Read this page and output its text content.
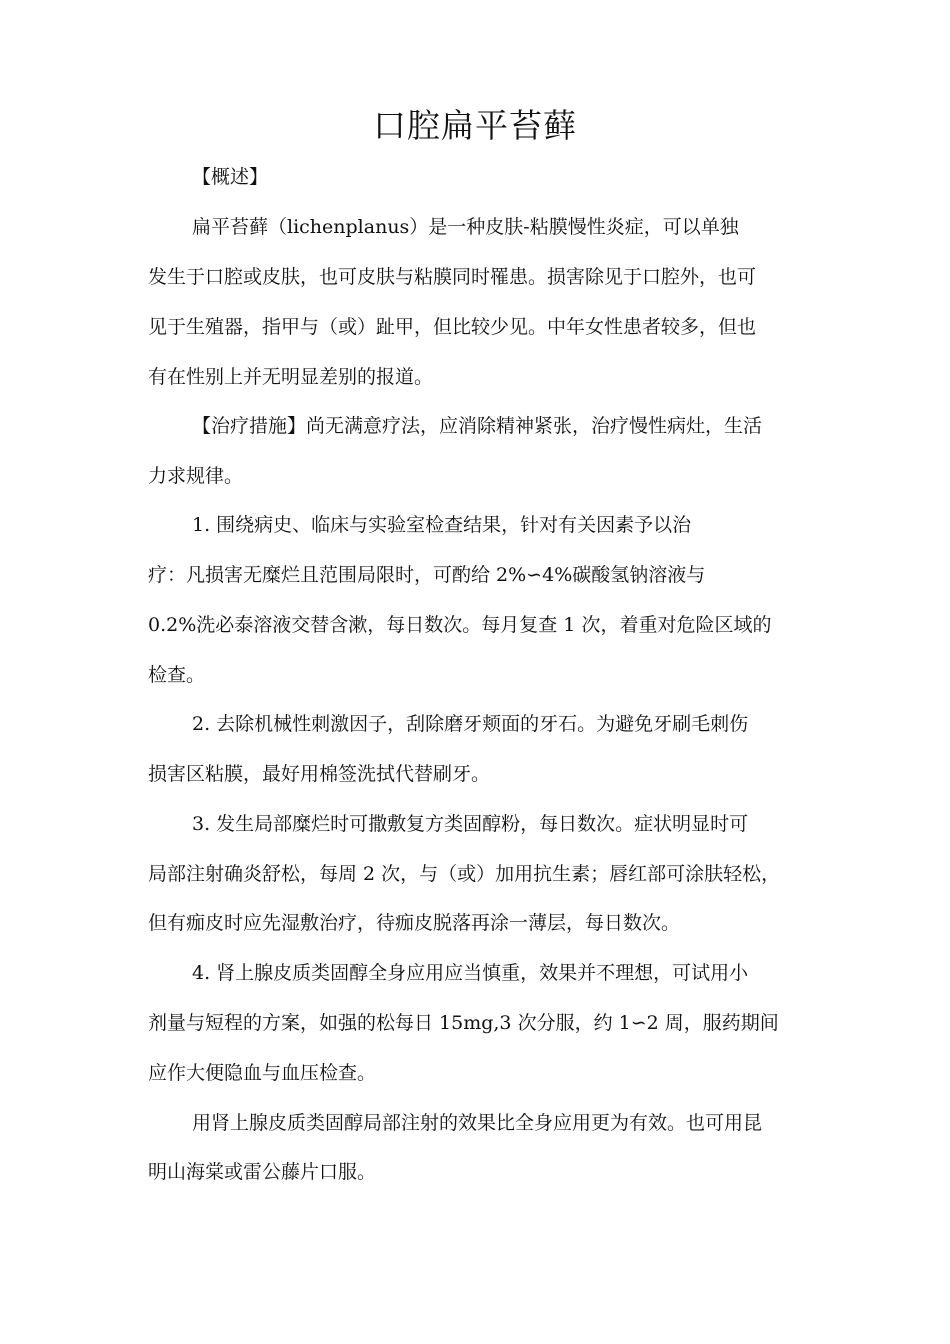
口腔扁平苔藓

【概述】

扁平苔藓（lichenplanus）是一种皮肤-粘膜慢性炎症，可以单独

发生于口腔或皮肤，也可皮肤与粘膜同时罹患。损害除见于口腔外，也可

见于生殖器，指甲与（或）趾甲，但比较少见。中年女性患者较多，但也

有在性别上并无明显差别的报道。

【治疗措施】尚无满意疗法，应消除精神紧张，治疗慢性病灶，生活

力求规律。

1. 围绕病史、临床与实验室检查结果，针对有关因素予以治

疗：凡损害无糜烂且范围局限时，可酌给 2%∽4%碳酸氢钠溶液与

0.2%洗必泰溶液交替含漱，每日数次。每月复查 1 次，着重对危险区域的

检查。

2. 去除机械性刺激因子，刮除磨牙颊面的牙石。为避免牙刷毛刺伤

损害区粘膜，最好用棉签洗拭代替刷牙。

3. 发生局部糜烂时可撒敷复方类固醇粉，每日数次。症状明显时可

局部注射确炎舒松，每周 2 次，与（或）加用抗生素；唇红部可涂肤轻松，

但有痂皮时应先湿敷治疗，待痂皮脱落再涂一薄层，每日数次。

4. 肾上腺皮质类固醇全身应用应当慎重，效果并不理想，可试用小

剂量与短程的方案，如强的松每日 15mg,3 次分服，约 1∽2 周，服药期间

应作大便隐血与血压检查。

用肾上腺皮质类固醇局部注射的效果比全身应用更为有效。也可用昆

明山海棠或雷公藤片口服。
